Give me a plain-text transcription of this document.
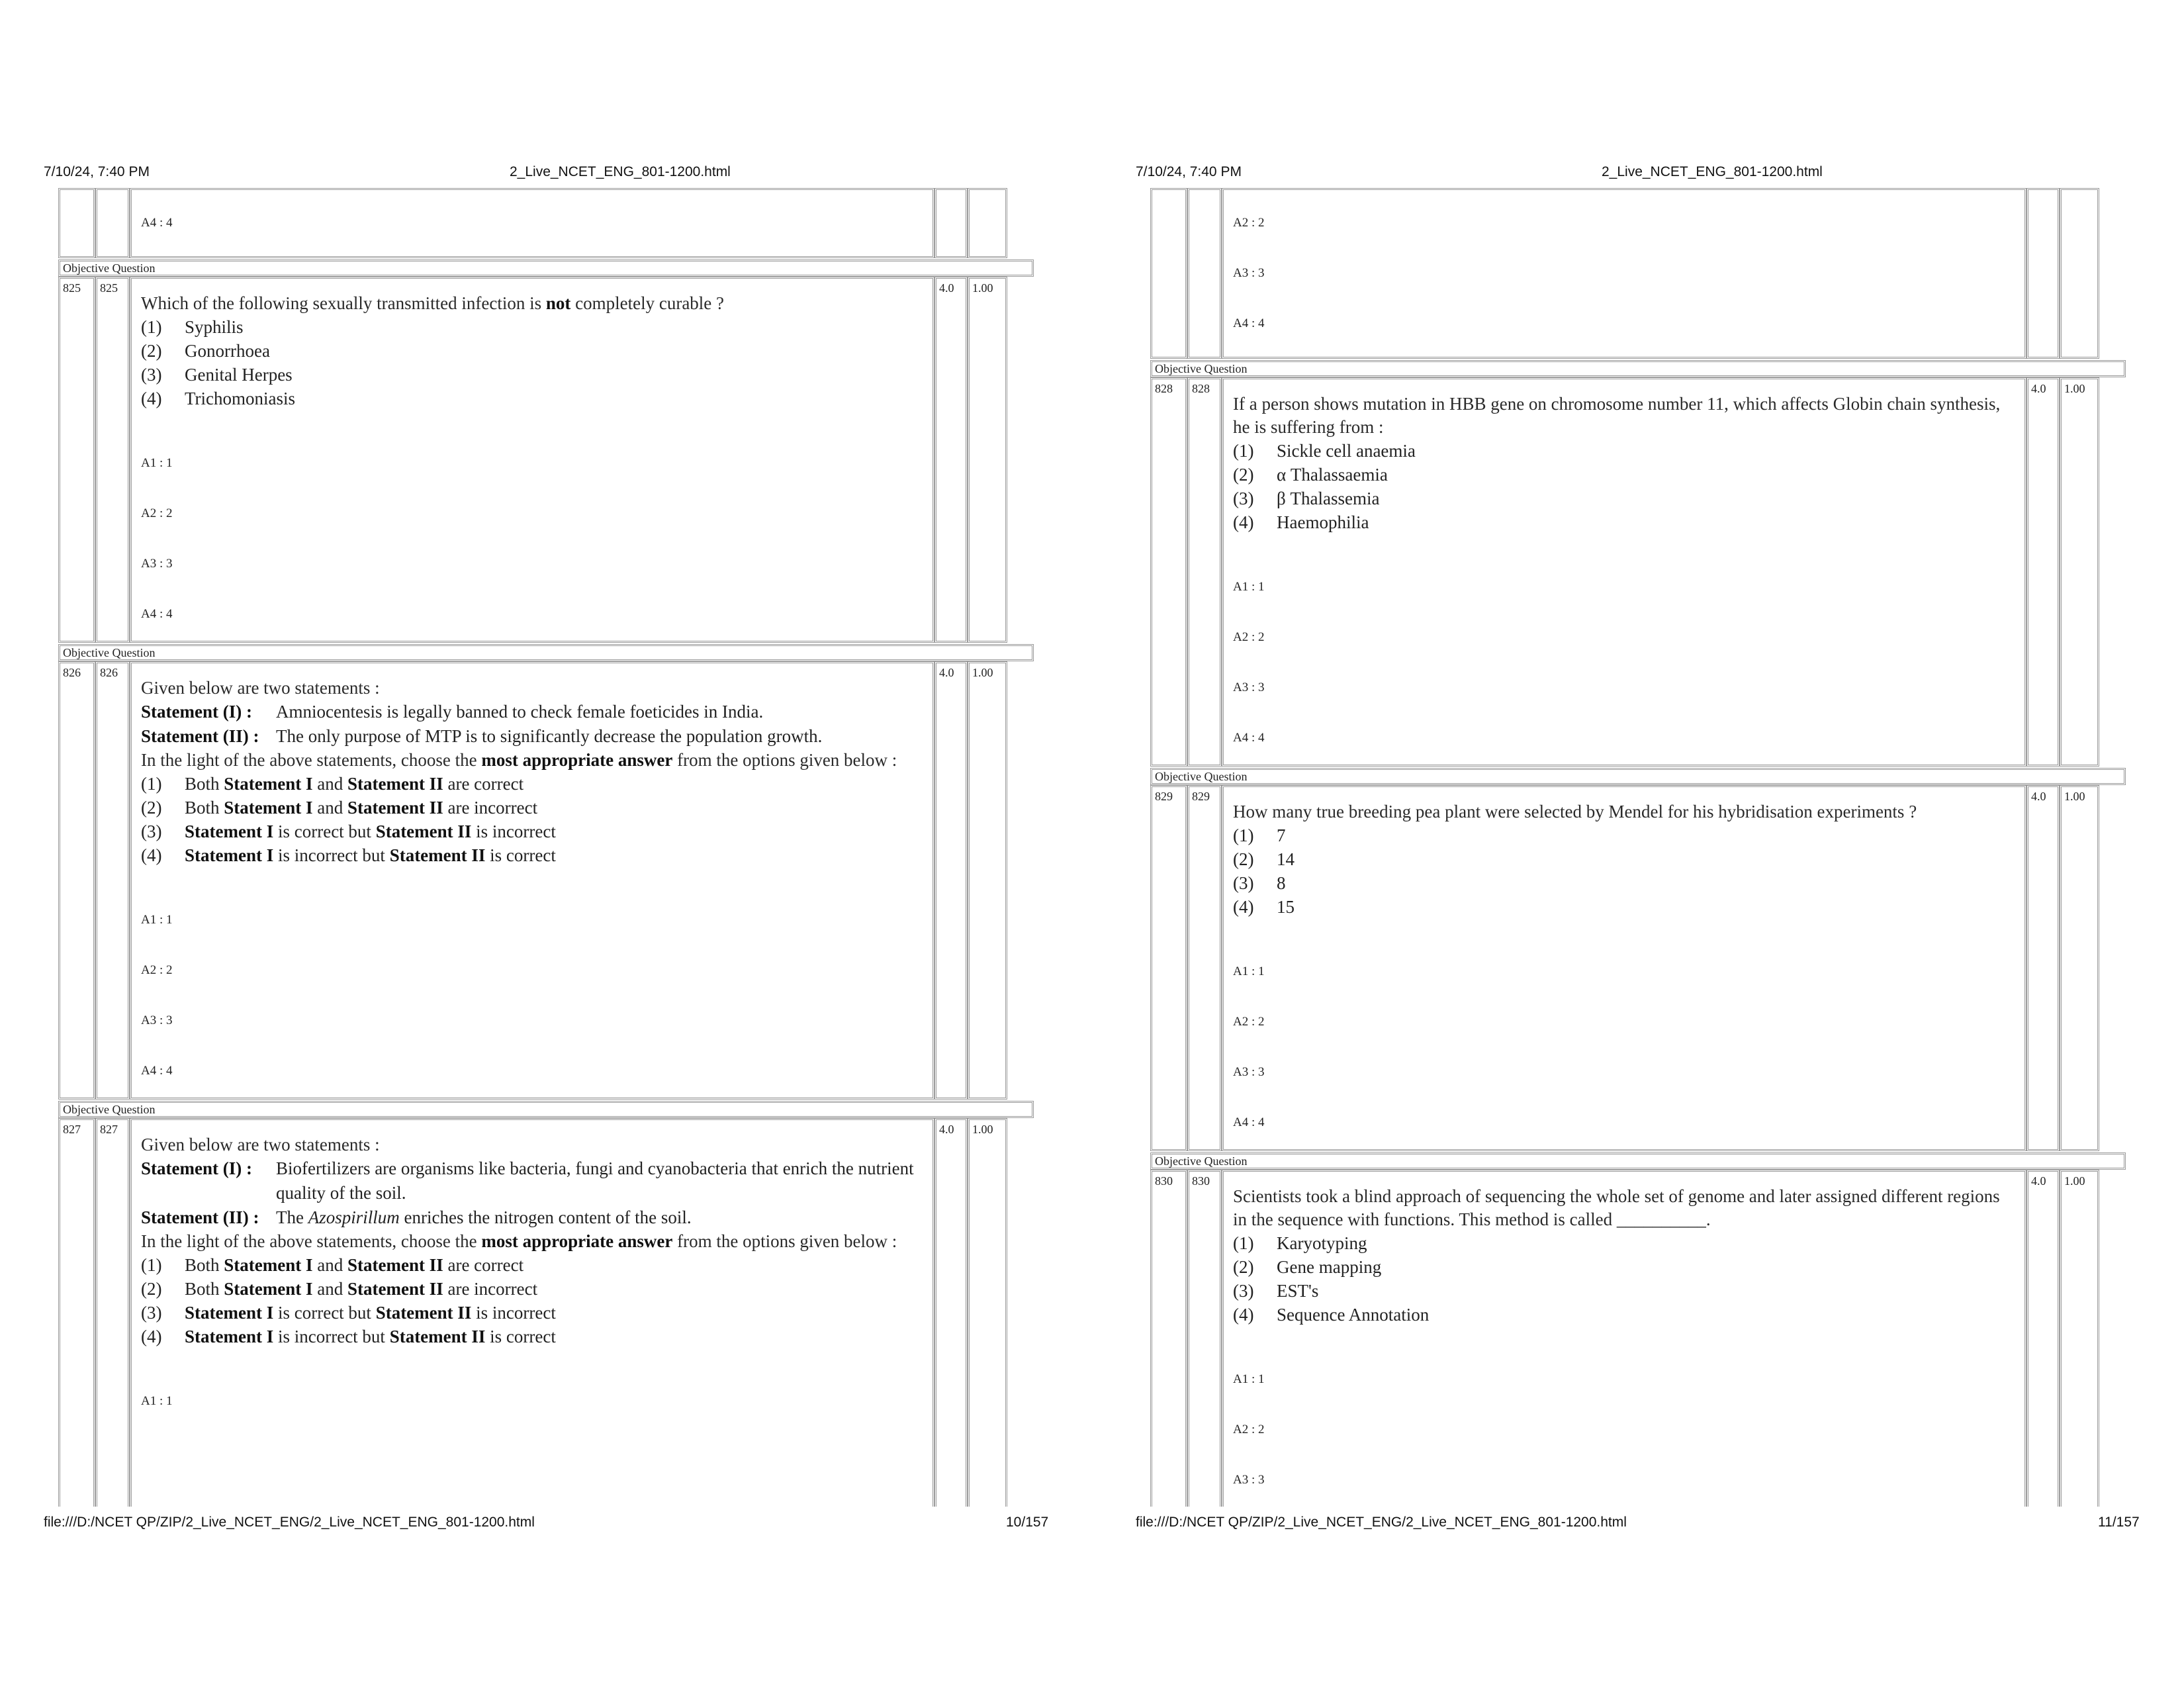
7/10/24, 7:40 PM	2_Live_NCET_ENG_801-1200.html
A4 : 4
Objective Question
825	825
Which of the following sexually transmitted infection is not completely curable ?
(1)	Syphilis
(2)	Gonorrhoea
(3)	Genital Herpes
(4)	Trichomoniasis
A1 : 1
A2 : 2
A3 : 3
A4 : 4
4.0	1.00
Objective Question
826	826
Given below are two statements :
Statement (I) :	Amniocentesis is legally banned to check female foeticides in India.
Statement (II) : The only purpose of MTP is to significantly decrease the population growth.
In the light of the above statements, choose the most appropriate answer from the options given below :
(1)	Both Statement I and Statement II are correct
(2)	Both Statement I and Statement II are incorrect
(3)	Statement I is correct but Statement II is incorrect
(4)	Statement I is incorrect but Statement II is correct
A1 : 1
A2 : 2
A3 : 3
A4 : 4
4.0	1.00
Objective Question
827	827
Given below are two statements :
Statement (I) :	Biofertilizers are organisms like bacteria, fungi and cyanobacteria that enrich the nutrient quality of the soil.
Statement (II) : The Azospirillum enriches the nitrogen content of the soil.
In the light of the above statements, choose the most appropriate answer from the options given below :
(1)	Both Statement I and Statement II are correct
(2)	Both Statement I and Statement II are incorrect
(3)	Statement I is correct but Statement II is incorrect
(4)	Statement I is incorrect but Statement II is correct
A1 : 1
4.0	1.00
file:///D:/NCET QP/ZIP/2_Live_NCET_ENG/2_Live_NCET_ENG_801-1200.html	10/157
7/10/24, 7:40 PM	2_Live_NCET_ENG_801-1200.html
A2 : 2
A3 : 3
A4 : 4
Objective Question
828	828
If a person shows mutation in HBB gene on chromosome number 11, which affects Globin chain synthesis, he is suffering from :
(1)	Sickle cell anaemia
(2)	α Thalassaemia
(3)	β Thalassemia
(4)	Haemophilia
A1 : 1
A2 : 2
A3 : 3
A4 : 4
4.0	1.00
Objective Question
829	829
How many true breeding pea plant were selected by Mendel for his hybridisation experiments ?
(1)	7
(2)	14
(3)	8
(4)	15
A1 : 1
A2 : 2
A3 : 3
A4 : 4
4.0	1.00
Objective Question
830	830
Scientists took a blind approach of sequencing the whole set of genome and later assigned different regions in the sequence with functions. This method is called __________.
(1)	Karyotyping
(2)	Gene mapping
(3)	EST's
(4)	Sequence Annotation
A1 : 1
A2 : 2
A3 : 3
4.0	1.00
file:///D:/NCET QP/ZIP/2_Live_NCET_ENG/2_Live_NCET_ENG_801-1200.html	11/157
